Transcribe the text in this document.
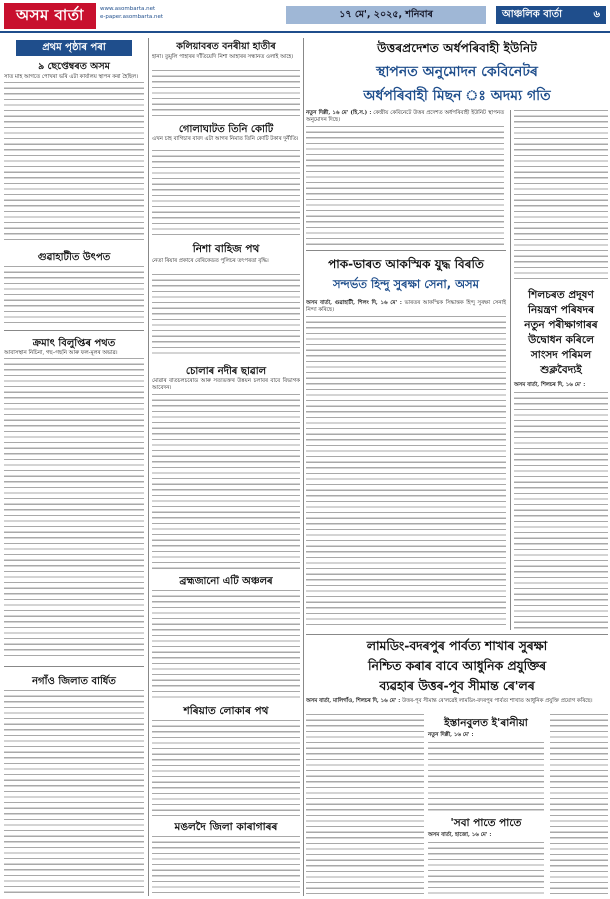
অসম বাৰ্তা	www.asombarta.net
e-paper.asombarta.net	১৭ মে', ২০২৫, শনিবাৰ	আঞ্চলিক বাৰ্তা	৬
প্ৰথম পৃষ্ঠাৰ পৰা
৯ ছেপ্তেম্বৰত অসম

সাত মাহ আগতে পোখৰা ভৰি এটা কাৰ্যালয় স্থাপন কৰা হৈছিল।

গুৱাহাটীত উৎপত
ক্ৰমাৎ বিলুপ্তিৰ পথত

আবাসস্থান নিচিনা, গছ–গছনি আৰু ফল-মূলৰ অভাৱ।

নগাঁও জিলাত বাৰ্ধিত
কলিয়াবৰত বনৰীয়া হাতীৰ

হানা। তুমুলি পাহাৰৰ দাঁতিয়েদি নিশা আহাৰৰ সন্ধানত ওলাই আহে।

গোলাঘাটত তিনি কোটি

এখন চাহ বাগিচাৰ বাবদ এটা আগৰ নিমাত তিনি কোটি টকাৰ দুৰ্নীতি।

নিশা বাহিজ পথ

নেতা ৰিয়াৰ প্ৰকাৰে বেৰিকেডত পুলিচৰ তৎপৰতা বৃদ্ধি।

চোলাৰ নদীৰ ছাৱাল

মোৱাৰ বাতচলচৰোড আৰু সত্যভক্তৰ উন্নয়ন চলাবৰ বাবে বিভাগক আবেদন।

ব্ৰহ্মজানো এটি অঞ্চলৰ
শৰিয়াত লোকাৰ পথ
মঙলদৈ জিলা কাৰাগাৰৰ
উত্তৰপ্ৰদেশত অৰ্ধপৰিবাহী ইউনিট
স্থাপনত অনুমোদন কেবিনেটৰ
অৰ্ধপৰিবাহী মিছন ঃ অদম্য গতি

নতুন দিল্লী, ১৬ মে' (হি.স.) : কেন্দ্ৰীয় কেবিনেটে উত্তৰ প্ৰদেশত অৰ্ধপৰিবাহী ইউনিট স্থাপনত অনুমোদন দিছে।

শিলচৰত প্ৰদূষণ
নিয়ন্ত্ৰণ পৰিষদৰ
নতুন পৰীক্ষাগাৰৰ
উদ্বোধন কৰিলে
সাংসদ পৰিমল
শুক্লবৈদ্যই

অসম বাৰ্তা, শিলচৰ দি, ১৬ মে' :

পাক-ভাৰত আকস্মিক যুদ্ধ বিৰতি
সন্দৰ্ভত হিন্দু সুৰক্ষা সেনা, অসম

অসম বাৰ্তা, গুৱাহাটী, শিলং দি, ১৬ মে' : ভাৰতৰ আকস্মিক সিদ্ধান্তক হিন্দু সুৰক্ষা সেনাই নিন্দা কৰিছে।

লামডিং-বদৰপুৰ পাৰ্বত্য শাখাৰ সুৰক্ষা
নিশ্চিত কৰাৰ বাবে আধুনিক প্ৰযুক্তিৰ
ব্যৱহাৰ উত্তৰ-পূব সীমান্ত ৰে'লৰ

অসম বাৰ্তা, মালিগাঁও, শিলচৰ দি, ১৬ মে' : উত্তৰ-পূব সীমান্ত ৰে'লৱেই লামডিং-বদৰপুৰ পাৰ্বত্য শাখাত আধুনিক প্ৰযুক্তি প্ৰয়োগ কৰিছে।

ইস্তানবুলত ই'ৰানীয়া

নতুন দিল্লী, ১৬ মে' :

'সবা পাতে পাতে

অসম বাৰ্তা, হাজো, ১৬ মে' :
